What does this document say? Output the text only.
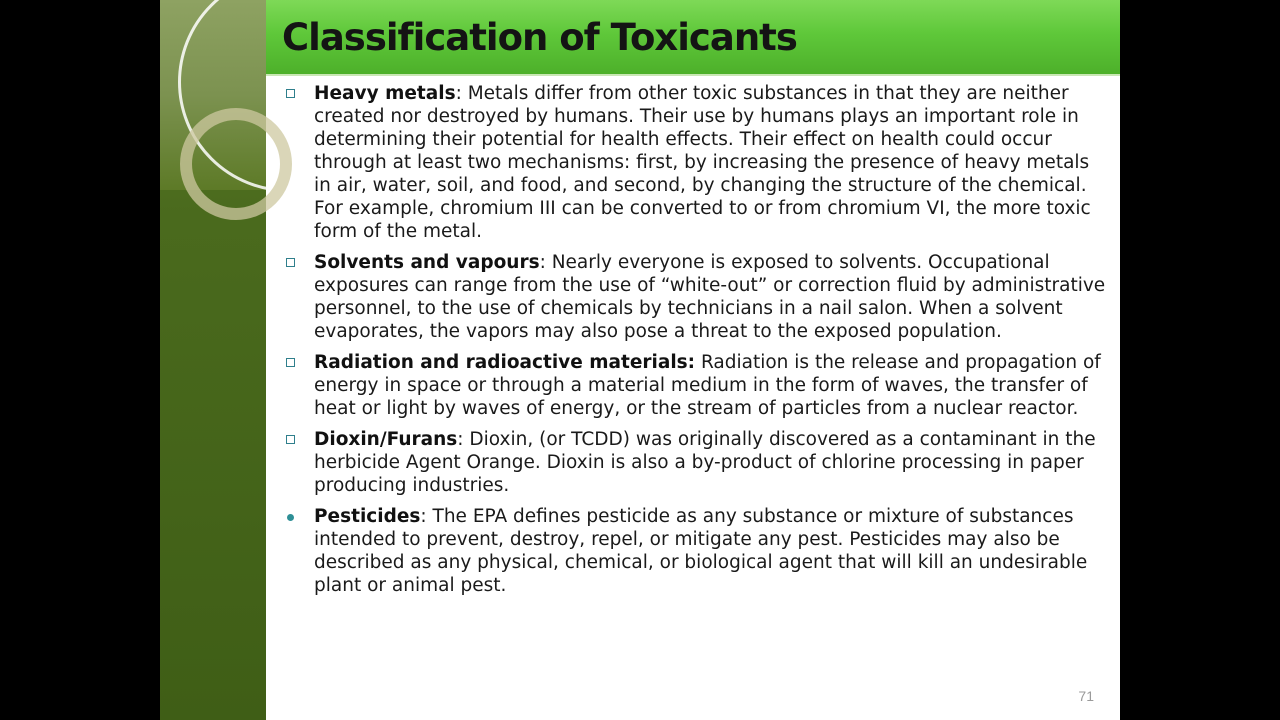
Classification of Toxicants
Heavy metals: Metals differ from other toxic substances in that they are neither created nor destroyed by humans. Their use by humans plays an important role in determining their potential for health effects. Their effect on health could occur through at least two mechanisms: first, by increasing the presence of heavy metals in air, water, soil, and food, and second, by changing the structure of the chemical. For example, chromium III can be converted to or from chromium VI, the more toxic form of the metal.
Solvents and vapours: Nearly everyone is exposed to solvents. Occupational exposures can range from the use of “white-out” or correction fluid by administrative personnel, to the use of chemicals by technicians in a nail salon. When a solvent evaporates, the vapors may also pose a threat to the exposed population.
Radiation and radioactive materials: Radiation is the release and propagation of energy in space or through a material medium in the form of waves, the transfer of heat or light by waves of energy, or the stream of particles from a nuclear reactor.
Dioxin/Furans: Dioxin, (or TCDD) was originally discovered as a contaminant in the herbicide Agent Orange. Dioxin is also a by-product of chlorine processing in paper producing industries.
Pesticides: The EPA defines pesticide as any substance or mixture of substances intended to prevent, destroy, repel, or mitigate any pest. Pesticides may also be described as any physical, chemical, or biological agent that will kill an undesirable plant or animal pest.
71
